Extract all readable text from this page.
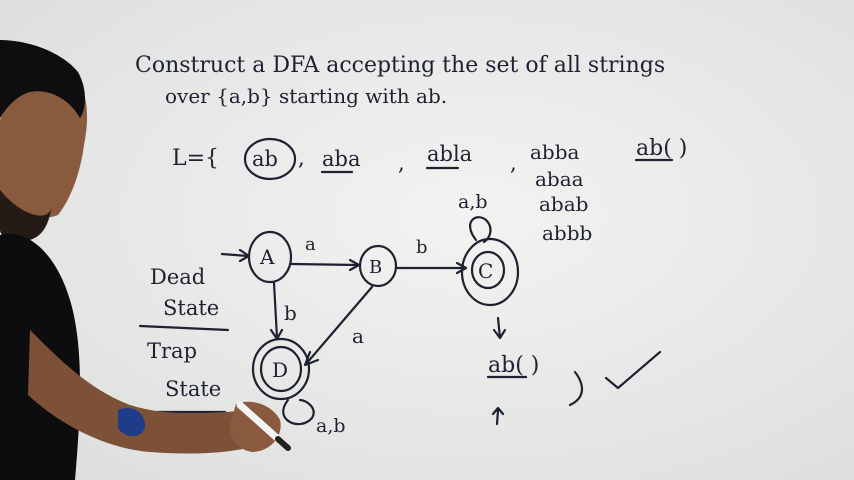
Construct a DFA accepting the set of all strings
over {a,b} starting with ab.
L={ ab , aba , abla , abba
abaa
abab
abbb
ab( )
a,b
A
a
B
b
C
b
a
D
a,b
Dead
State
Trap
State
ab( )
